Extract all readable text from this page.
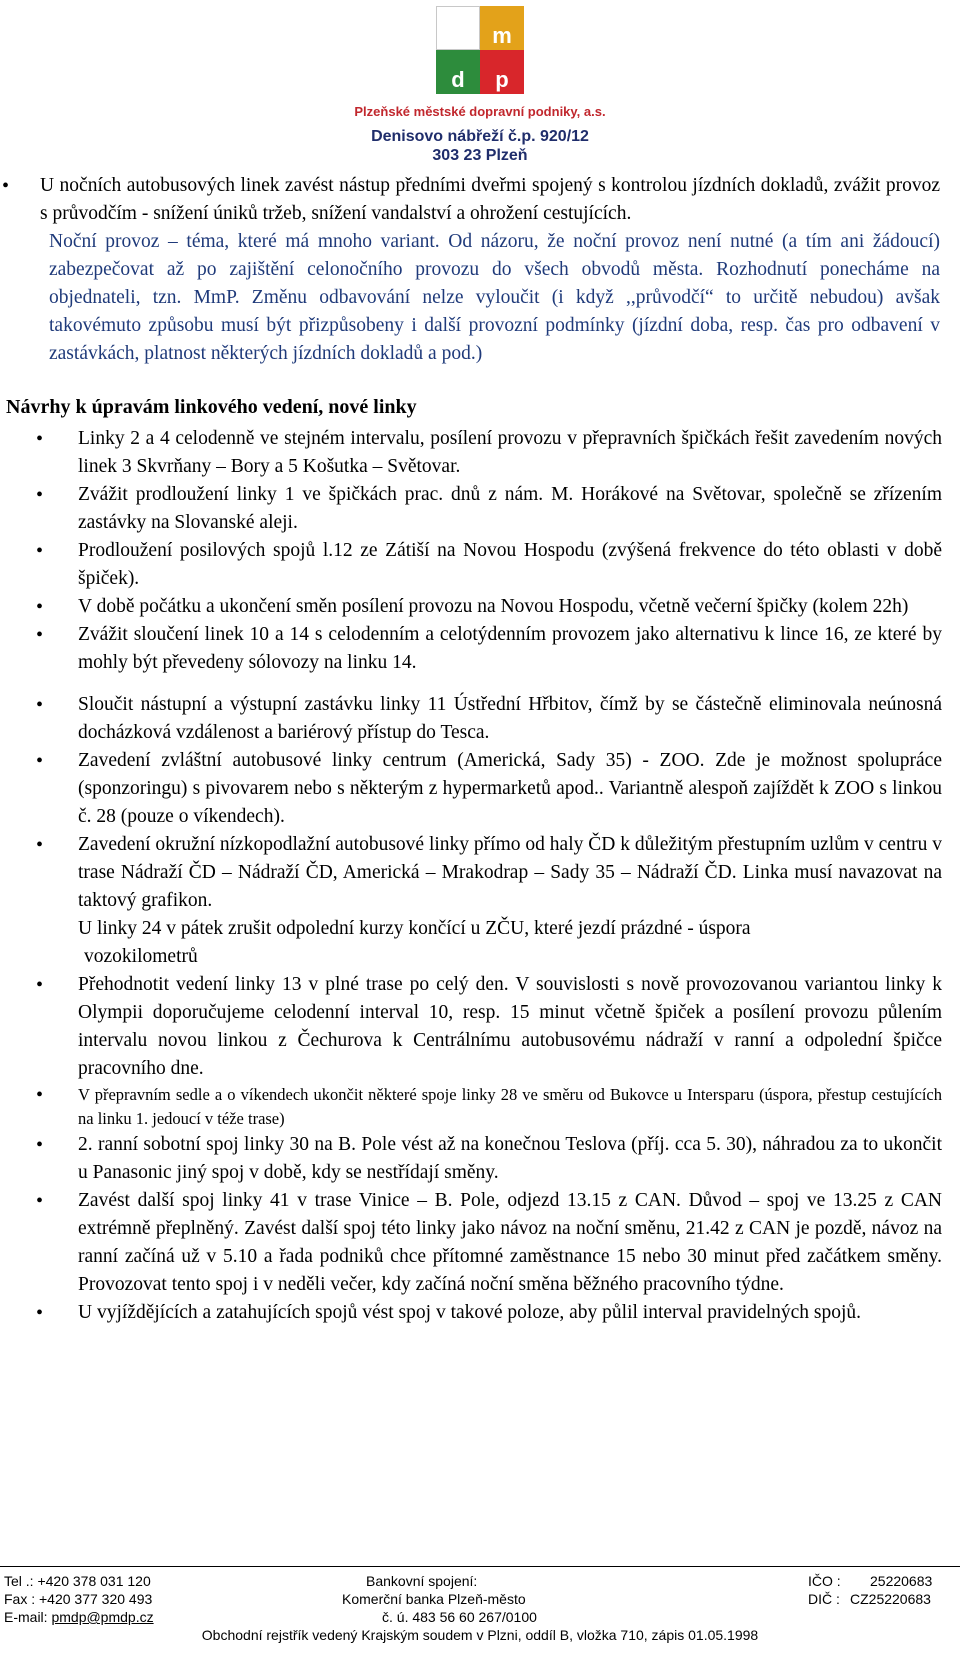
p m
d p
Plzeňské městské dopravní podniky, a.s.
Denisovo nábřeží č.p. 920/12
303 23 Plzeň
• U nočních autobusových linek zavést nástup předními dveřmi spojený s kontrolou jízdních dokladů, zvážit provoz s průvodčím - snížení úniků tržeb, snížení vandalství a ohrožení cestujících.
Noční provoz – téma, které má mnoho variant. Od názoru, že noční provoz není nutné (a tím ani žádoucí) zabezpečovat až po zajištění celonočního provozu do všech obvodů města. Rozhodnutí ponecháme na objednateli, tzn. MmP. Změnu odbavování nelze vyloučit (i když ,,průvodčí“ to určitě nebudou) avšak takovémuto způsobu musí být přizpůsobeny i další provozní podmínky (jízdní doba, resp. čas pro odbavení v zastávkách, platnost některých jízdních dokladů a pod.)
Návrhy k úpravám linkového vedení, nové linky
• Linky 2 a 4 celodenně ve stejném intervalu, posílení provozu v přepravních špičkách řešit zavedením nových linek 3 Skvrňany – Bory a 5 Košutka – Světovar.
• Zvážit prodloužení linky 1 ve špičkách prac. dnů z nám. M. Horákové na Světovar, společně se zřízením zastávky na Slovanské aleji.
• Prodloužení posilových spojů l.12 ze Zátiší na Novou Hospodu (zvýšená frekvence do této oblasti v době špiček).
• V době počátku a ukončení směn posílení provozu na Novou Hospodu, včetně večerní špičky (kolem 22h)
• Zvážit sloučení linek 10 a 14 s celodenním a celotýdenním provozem jako alternativu k lince 16, ze které by mohly být převedeny sólovozy na linku 14.
• Sloučit nástupní a výstupní zastávku linky 11 Ústřední Hřbitov, čímž by se částečně eliminovala neúnosná docházková vzdálenost a bariérový přístup do Tesca.
• Zavedení zvláštní autobusové linky centrum (Americká, Sady 35) - ZOO. Zde je možnost spolupráce (sponzoringu) s pivovarem nebo s některým z hypermarketů apod.. Variantně alespoň zajíždět k ZOO s linkou č. 28 (pouze o víkendech).
• Zavedení okružní nízkopodlažní autobusové linky přímo od haly ČD k důležitým přestupním uzlům v centru v trase Nádraží ČD – Nádraží ČD, Americká – Mrakodrap – Sady 35 – Nádraží ČD. Linka musí navazovat na taktový grafikon.
U linky 24 v pátek zrušit odpolední kurzy končící u ZČU, které jezdí prázdné - úspora
vozokilometrů
• Přehodnotit vedení linky 13 v plné trase po celý den. V souvislosti s nově provozovanou variantou linky k Olympii doporučujeme celodenní interval 10, resp. 15 minut včetně špiček a posílení provozu půlením intervalu novou linkou z Čechurova k Centrálnímu autobusovému nádraží v ranní a odpolední špičce pracovního dne.
• V přepravním sedle a o víkendech ukončit některé spoje linky 28 ve směru od Bukovce u Intersparu (úspora, přestup cestujících na linku 1. jedoucí v téže trase)
• 2. ranní sobotní spoj linky 30 na B. Pole vést až na konečnou Teslova (příj. cca 5. 30), náhradou za to ukončit u Panasonic jiný spoj v době, kdy se nestřídají směny.
• Zavést další spoj linky 41 v trase Vinice – B. Pole, odjezd 13.15 z CAN. Důvod – spoj ve 13.25 z CAN extrémně přeplněný. Zavést další spoj této linky jako návoz na noční směnu, 21.42 z CAN je pozdě, návoz na ranní začíná už v 5.10 a řada podniků chce přítomné zaměstnance 15 nebo 30 minut před začátkem směny. Provozovat tento spoj i v neděli večer, kdy začíná noční směna běžného pracovního týdne.
• U vyjíždějících a zatahujících spojů vést spoj v takové poloze, aby půlil interval pravidelných spojů.
Tel .: +420 378 031 120	Bankovní spojení:	IČO : 25220683
Fax : +420 377 320 493	Komerční banka Plzeň-město	DIČ : CZ25220683
E-mail: pmdp@pmdp.cz	č. ú. 483 56 60 267/0100
Obchodní rejstřík vedený Krajským soudem v Plzni, oddíl B, vložka 710, zápis 01.05.1998
